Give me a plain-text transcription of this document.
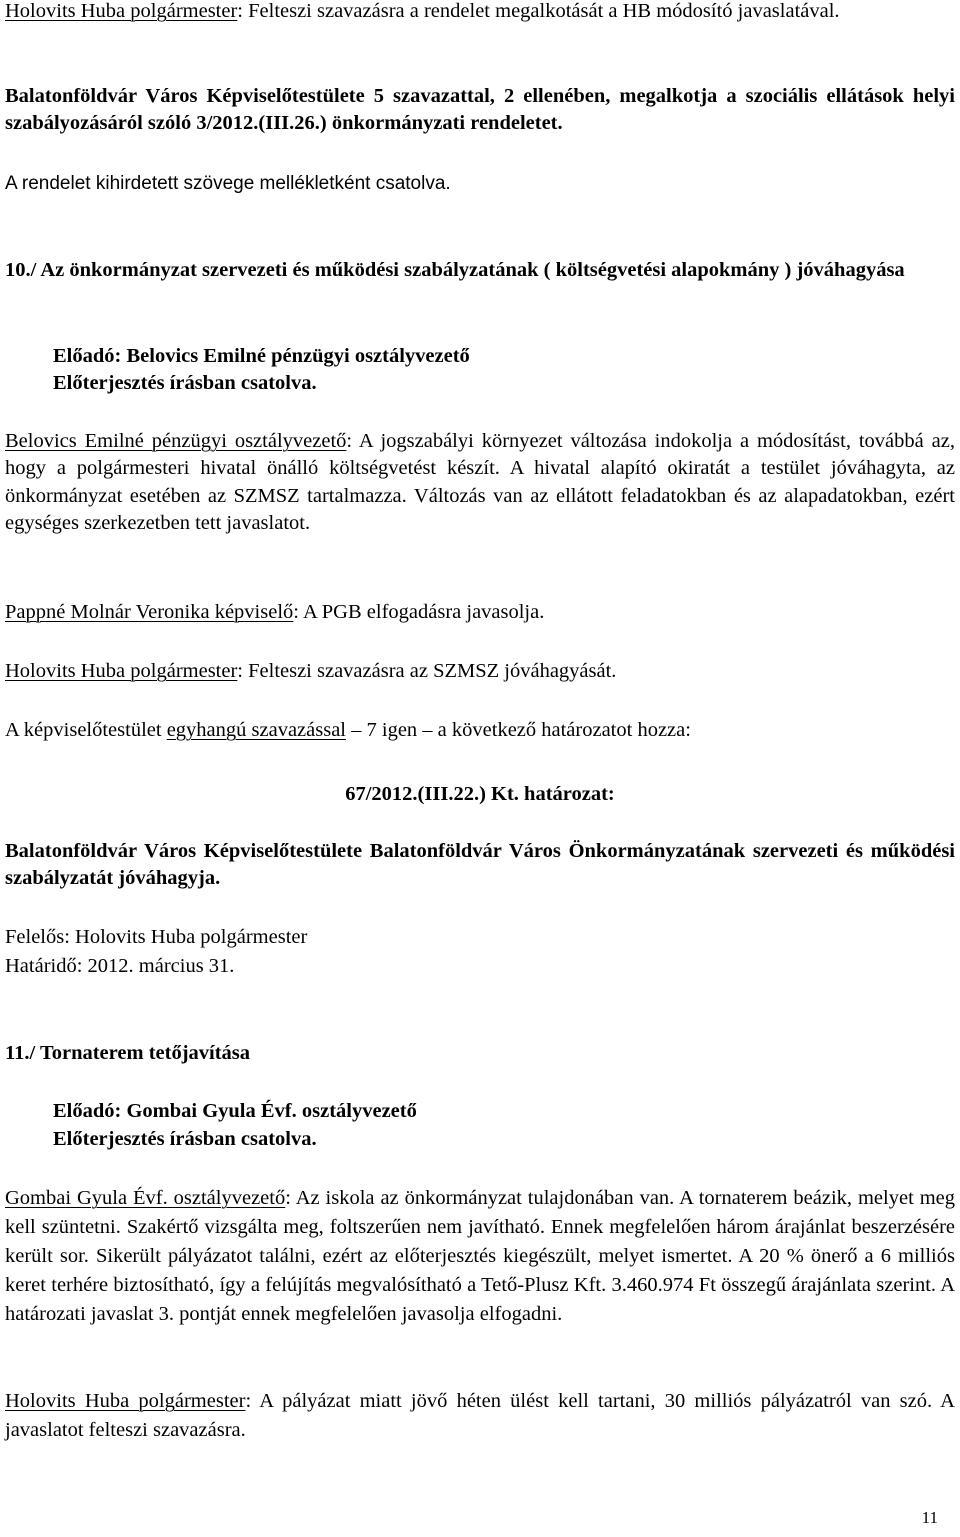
Holovits Huba polgármester: Felteszi szavazásra a rendelet megalkotását a HB módosító javaslatával.

Balatonföldvár Város Képviselőtestülete 5 szavazattal, 2 ellenében, megalkotja a szociális ellátások helyi szabályozásáról szóló 3/2012.(III.26.) önkormányzati rendeletet.

A rendelet kihirdetett szövege mellékletként csatolva.

10./ Az önkormányzat szervezeti és működési szabályzatának ( költségvetési alapokmány ) jóváhagyása

Előadó: Belovics Emilné pénzügyi osztályvezető

Előterjesztés írásban csatolva.

Belovics Emilné pénzügyi osztályvezető: A jogszabályi környezet változása indokolja a módosítást, továbbá az, hogy a polgármesteri hivatal önálló költségvetést készít. A hivatal alapító okiratát a testület jóváhagyta, az önkormányzat esetében az SZMSZ tartalmazza. Változás van az ellátott feladatokban és az alapadatokban, ezért egységes szerkezetben tett javaslatot.

Pappné Molnár Veronika képviselő: A PGB elfogadásra javasolja.

Holovits Huba polgármester: Felteszi szavazásra az SZMSZ jóváhagyását.

A képviselőtestület egyhangú szavazással – 7 igen – a következő határozatot hozza:

67/2012.(III.22.) Kt. határozat:

Balatonföldvár Város Képviselőtestülete Balatonföldvár Város Önkormányzatának szervezeti és működési szabályzatát jóváhagyja.

Felelős: Holovits Huba polgármester

Határidő: 2012. március 31.

11./ Tornaterem tetőjavítása

Előadó: Gombai Gyula Évf. osztályvezető

Előterjesztés írásban csatolva.

Gombai Gyula Évf. osztályvezető: Az iskola az önkormányzat tulajdonában van. A tornaterem beázik, melyet meg kell szüntetni. Szakértő vizsgálta meg, foltszerűen nem javítható. Ennek megfelelően három árajánlat beszerzésére került sor. Sikerült pályázatot találni, ezért az előterjesztés kiegészült, melyet ismertet. A 20 % önerő a 6 milliós keret terhére biztosítható, így a felújítás megvalósítható a Tető-Plusz Kft. 3.460.974 Ft összegű árajánlata szerint. A határozati javaslat 3. pontját ennek megfelelően javasolja elfogadni.

Holovits Huba polgármester: A pályázat miatt jövő héten ülést kell tartani, 30 milliós pályázatról van szó. A javaslatot felteszi szavazásra.

11
